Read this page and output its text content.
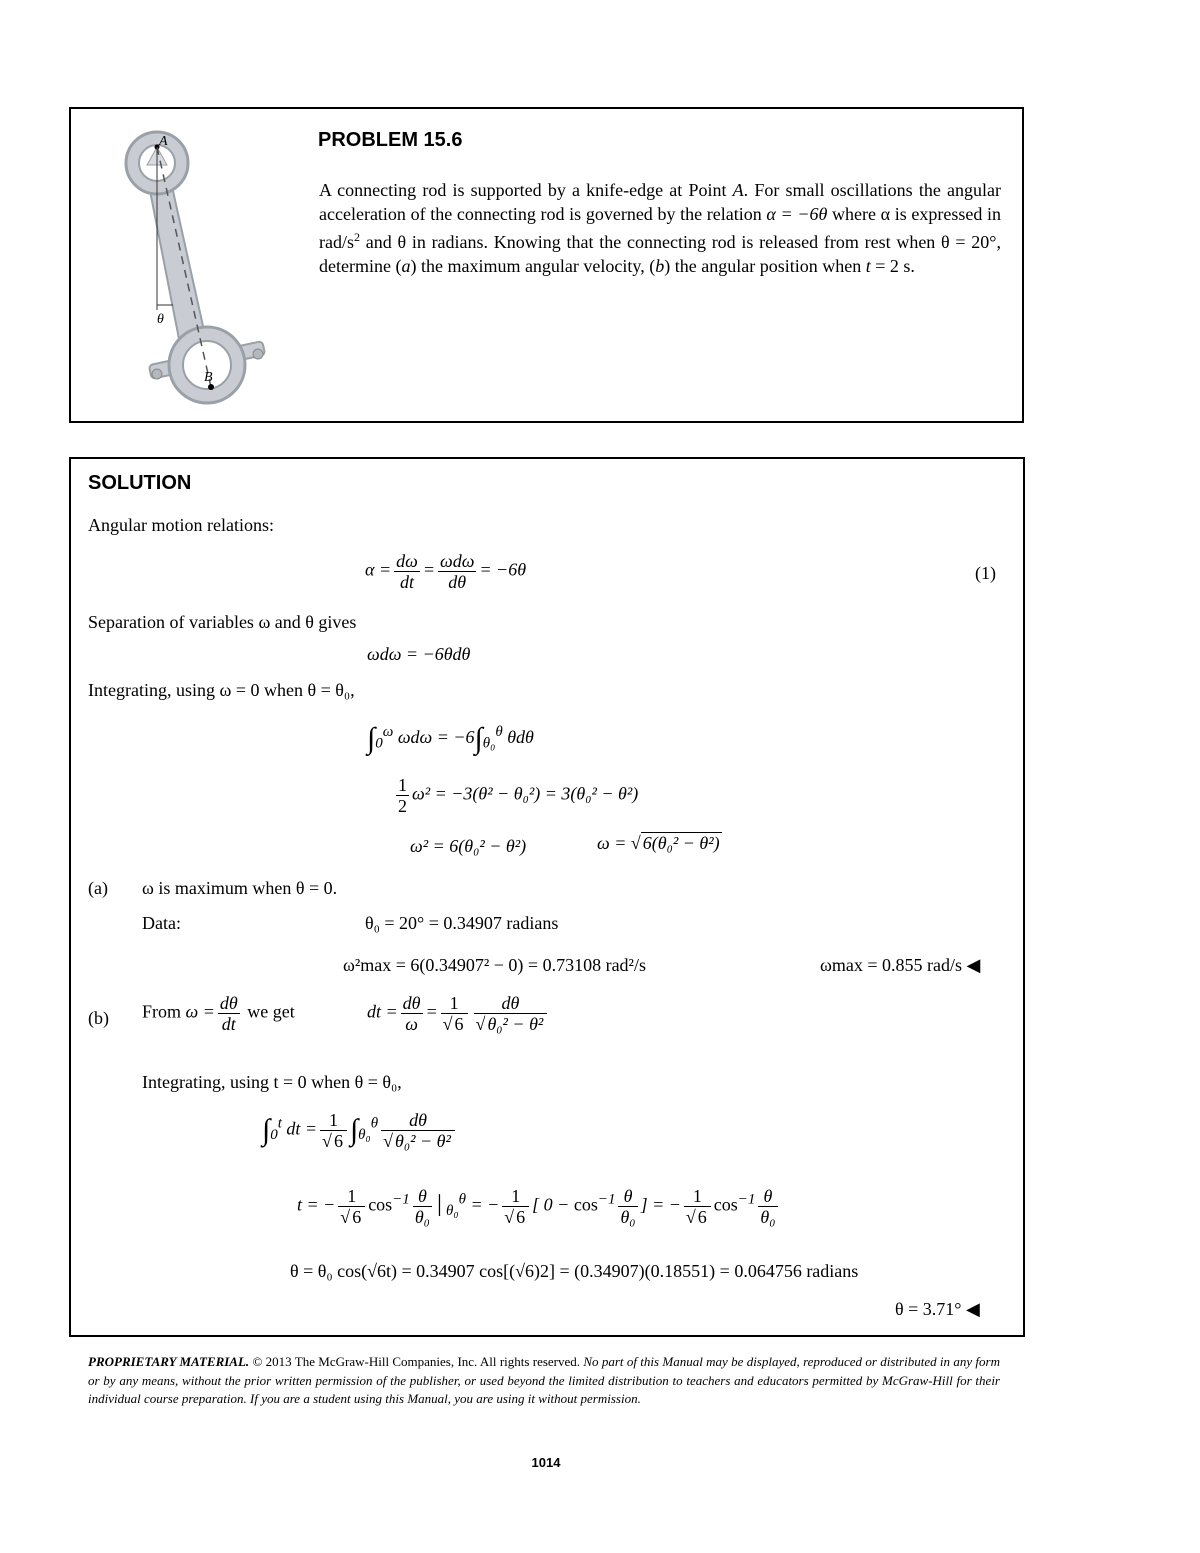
A
θ
B
PROBLEM 15.6
A connecting rod is supported by a knife-edge at Point A. For small oscillations the angular acceleration of the connecting rod is governed by the relation α = −6θ where α is expressed in rad/$s^2$ and θ in radians. Knowing that the connecting rod is released from rest when θ = 20°, determine (a) the maximum angular velocity, (b) the angular position when t = 2 s.
SOLUTION
Angular motion relations:
$\alpha = \frac{d\omega}{dt} = \frac{\text{ωdω}}{d\theta} = -6\theta$	(1)
Separation of variables ω and θ gives
ωdω = −6θdθ
Integrating, using ω = 0 when θ = θ₀,
$\int_0^\omega$ $\omega d\omega = -6\int_{\theta_0}^\theta$ θdθ
$\frac{1}{2} \omega^2 = -3(\theta^2 - \theta_0^2) = 3(\theta_0^2 - \theta^2)$
ω² = 6(θ₀² − θ²)	ω = √ 6(θ₀² − θ²)
(a) ω is maximum when θ = 0.
Data:	θ₀ = 20° = 0.34907 radians
ω²max = 6(0.34907² − 0) = 0.73108 rad²/s	ωmax = 0.855 rad/s ◀
(b) From $\omega = \frac{d\theta}{dt}$ we get	dt = $\frac{d\theta}{\omega} = \frac{1}{√ 6} \frac{d\theta}{\text{√ θ₀² − θ²}}$
Integrating, using t = 0 when θ = θ₀,
$\int_0^t$ dt = $\frac{1}{√ 6} \int_{\theta_0}^\theta \frac{d\theta}{\text{√ θ₀² − θ²}}$
t = − $\frac{1}{√ 6} \cos^{-1} \frac{\theta}{\text{θ₀}}$ $│_{\theta_0}^\theta$ = − $\frac{1}{√ 6}$ [ $0 - \cos^{-1} \frac{\theta}{\text{θ₀}}$ ] = − $\frac{1}{√ 6} \cos^{-1} \frac{\theta}{\text{θ₀}}$
θ = θ₀ cos(√6t) = 0.34907 cos[(√6)2] = (0.34907)(0.18551) = 0.064756 radians
θ = 3.71° ◀
PROPRIETARY MATERIAL. © 2013 The McGraw-Hill Companies, Inc. All rights reserved. No part of this Manual may be displayed, reproduced or distributed in any form or by any means, without the prior written permission of the publisher, or used beyond the limited distribution to teachers and educators permitted by McGraw-Hill for their individual course preparation. If you are a student using this Manual, you are using it without permission.
1014
